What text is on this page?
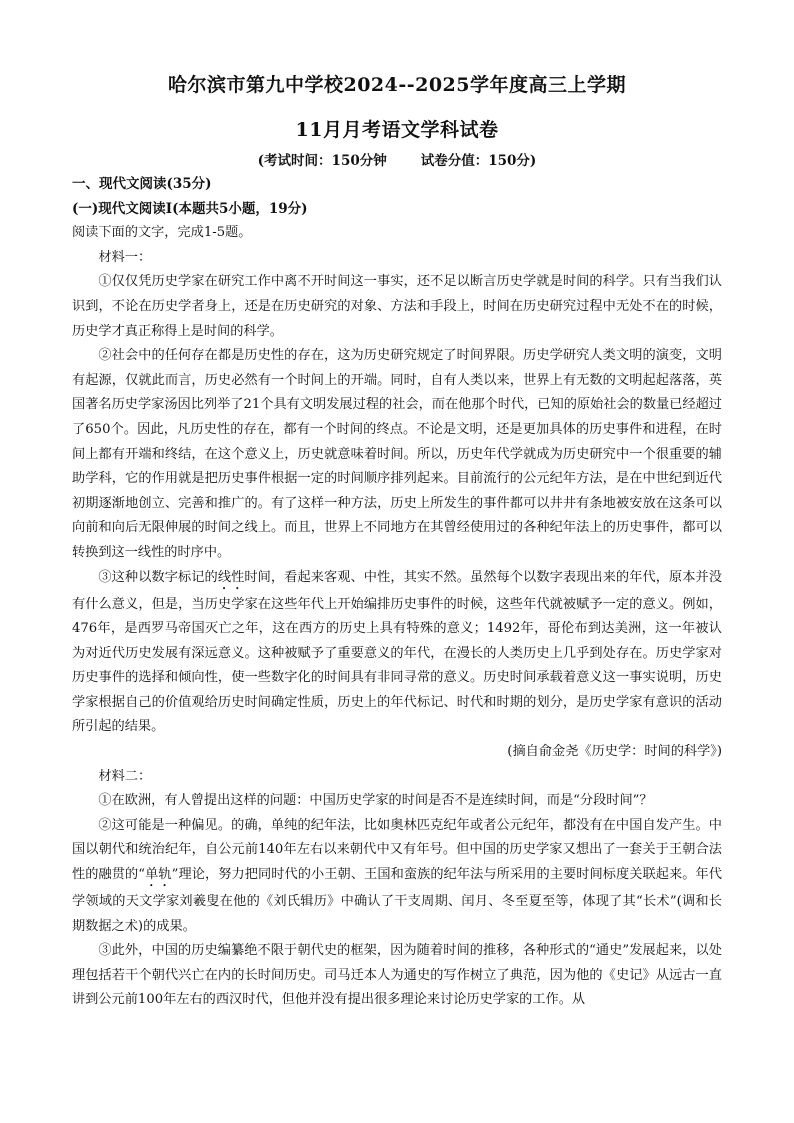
哈尔滨市第九中学校2024--2025学年度高三上学期
11月月考语文学科试卷
(考试时间：150分钟	试卷分值：150分)

一、现代文阅读(35分)

(一)现代文阅读Ⅰ(本题共5小题，19分)

阅读下面的文字，完成1-5题。

材料一：

①仅仅凭历史学家在研究工作中离不开时间这一事实，还不足以断言历史学就是时间的科学。只有当我们认识到，不论在历史学者身上，还是在历史研究的对象、方法和手段上，时间在历史研究过程中无处不在的时候，历史学才真正称得上是时间的科学。

②社会中的任何存在都是历史性的存在，这为历史研究规定了时间界限。历史学研究人类文明的演变，文明有起源，仅就此而言，历史必然有一个时间上的开端。同时，自有人类以来，世界上有无数的文明起起落落，英国著名历史学家汤因比列举了21个具有文明发展过程的社会，而在他那个时代，已知的原始社会的数量已经超过了650个。因此，凡历史性的存在，都有一个时间的终点。不论是文明，还是更加具体的历史事件和进程，在时间上都有开端和终结，在这个意义上，历史就意味着时间。所以，历史年代学就成为历史研究中一个很重要的辅助学科，它的作用就是把历史事件根据一定的时间顺序排列起来。目前流行的公元纪年方法，是在中世纪到近代初期逐渐地创立、完善和推广的。有了这样一种方法，历史上所发生的事件都可以井井有条地被安放在这条可以向前和向后无限伸展的时间之线上。而且，世界上不同地方在其曾经使用过的各种纪年法上的历史事件，都可以转换到这一线性的时序中。

③这种以数字标记的线性时间，看起来客观、中性，其实不然。虽然每个以数字表现出来的年代，原本并没有什么意义，但是，当历史学家在这些年代上开始编排历史事件的时候，这些年代就被赋予一定的意义。例如，476年，是西罗马帝国灭亡之年，这在西方的历史上具有特殊的意义；1492年，哥伦布到达美洲，这一年被认为对近代历史发展有深远意义。这种被赋予了重要意义的年代，在漫长的人类历史上几乎到处存在。历史学家对历史事件的选择和倾向性，使一些数字化的时间具有非同寻常的意义。历史时间承载着意义这一事实说明，历史学家根据自己的价值观给历史时间确定性质，历史上的年代标记、时代和时期的划分，是历史学家有意识的活动所引起的结果。

(摘自俞金尧《历史学：时间的科学》)

材料二：

①在欧洲，有人曾提出这样的问题：中国历史学家的时间是否不是连续时间，而是“分段时间”？

②这可能是一种偏见。的确，单纯的纪年法，比如奥林匹克纪年或者公元纪年，都没有在中国自发产生。中国以朝代和统治纪年，自公元前140年左右以来朝代中又有年号。但中国的历史学家又想出了一套关于王朝合法性的融贯的“单轨”理论，努力把同时代的小王朝、王国和蛮族的纪年法与所采用的主要时间标度关联起来。年代学领域的天文学家刘羲叟在他的《刘氏辑历》中确认了干支周期、闰月、冬至夏至等，体现了其“长术”(调和长期数据之术)的成果。

③此外，中国的历史编纂绝不限于朝代史的框架，因为随着时间的推移，各种形式的“通史”发展起来，以处理包括若干个朝代兴亡在内的长时间历史。司马迁本人为通史的写作树立了典范，因为他的《史记》从远古一直讲到公元前100年左右的西汉时代，但他并没有提出很多理论来讨论历史学家的工作。从
